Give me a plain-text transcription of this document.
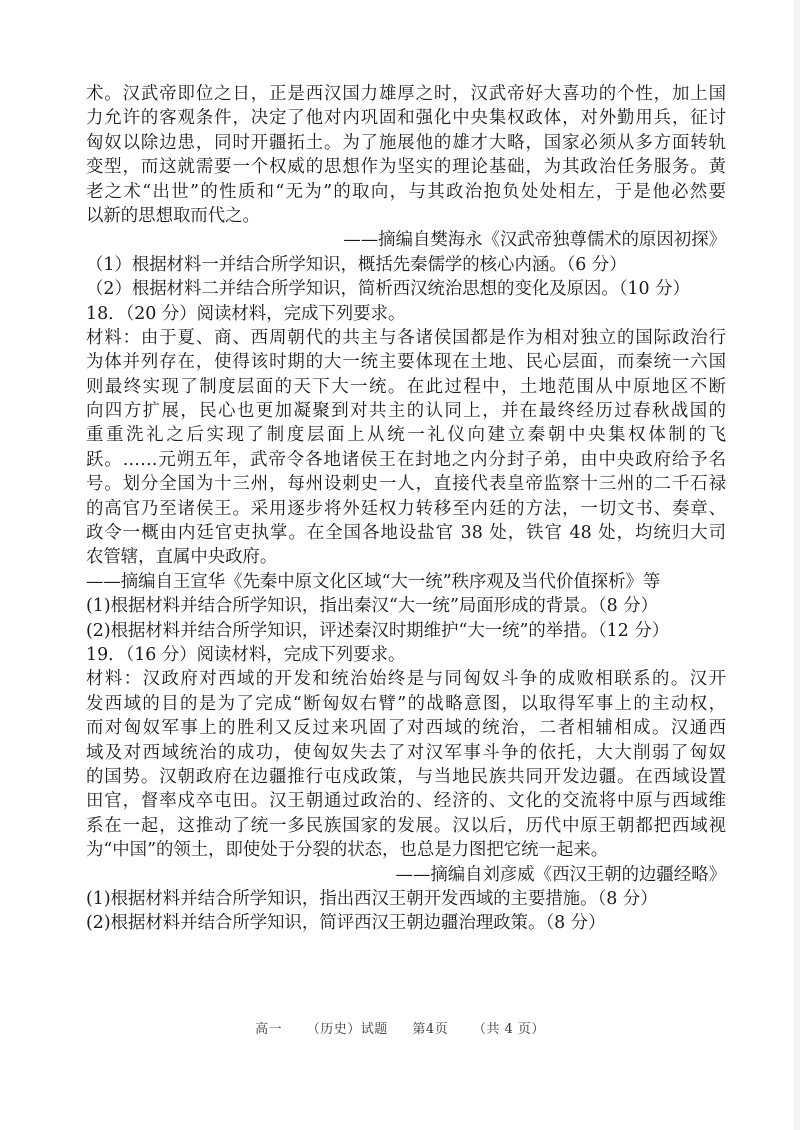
术。汉武帝即位之日，正是西汉国力雄厚之时，汉武帝好大喜功的个性，加上国
力允许的客观条件，决定了他对内巩固和强化中央集权政体，对外勤用兵，征讨
匈奴以除边患，同时开疆拓土。为了施展他的雄才大略，国家必须从多方面转轨
变型，而这就需要一个权威的思想作为坚实的理论基础，为其政治任务服务。黄
老之术“出世”的性质和“无为”的取向，与其政治抱负处处相左，于是他必然要
以新的思想取而代之。
——摘编自樊海永《汉武帝独尊儒术的原因初探》
（1）根据材料一并结合所学知识，概括先秦儒学的核心内涵。（6 分）
（2）根据材料二并结合所学知识，简析西汉统治思想的变化及原因。（10 分）
18．（20 分）阅读材料，完成下列要求。
材料：由于夏、商、西周朝代的共主与各诸侯国都是作为相对独立的国际政治行
为体并列存在，使得该时期的大一统主要体现在土地、民心层面，而秦统一六国
则最终实现了制度层面的天下大一统。在此过程中，土地范围从中原地区不断
向四方扩展，民心也更加凝聚到对共主的认同上，并在最终经历过春秋战国的
重重洗礼之后实现了制度层面上从统一礼仪向建立秦朝中央集权体制的飞
跃。……元朔五年，武帝令各地诸侯王在封地之内分封子弟，由中央政府给予名
号。划分全国为十三州，每州设刺史一人，直接代表皇帝监察十三州的二千石禄
的高官乃至诸侯王。采用逐步将外廷权力转移至内廷的方法，一切文书、奏章、
政令一概由内廷官吏执掌。在全国各地设盐官 38 处，铁官 48 处，均统归大司
农管辖，直属中央政府。
——摘编自王宣华《先秦中原文化区域“大一统”秩序观及当代价值探析》等
(1)根据材料并结合所学知识，指出秦汉“大一统”局面形成的背景。（8 分）
(2)根据材料并结合所学知识，评述秦汉时期维护“大一统”的举措。（12 分）
19．（16 分）阅读材料，完成下列要求。
材料：汉政府对西域的开发和统治始终是与同匈奴斗争的成败相联系的。汉开
发西域的目的是为了完成“断匈奴右臂”的战略意图，以取得军事上的主动权，
而对匈奴军事上的胜利又反过来巩固了对西域的统治，二者相辅相成。汉通西
域及对西域统治的成功，使匈奴失去了对汉军事斗争的依托，大大削弱了匈奴
的国势。汉朝政府在边疆推行屯戍政策，与当地民族共同开发边疆。在西域设置
田官，督率戍卒屯田。汉王朝通过政治的、经济的、文化的交流将中原与西域维
系在一起，这推动了统一多民族国家的发展。汉以后，历代中原王朝都把西域视
为“中国”的领土，即使处于分裂的状态，也总是力图把它统一起来。
——摘编自刘彦威《西汉王朝的边疆经略》
(1)根据材料并结合所学知识，指出西汉王朝开发西域的主要措施。（8 分）
(2)根据材料并结合所学知识，简评西汉王朝边疆治理政策。（8 分）
高一 （历史）试题 第4页 （共 4 页）
